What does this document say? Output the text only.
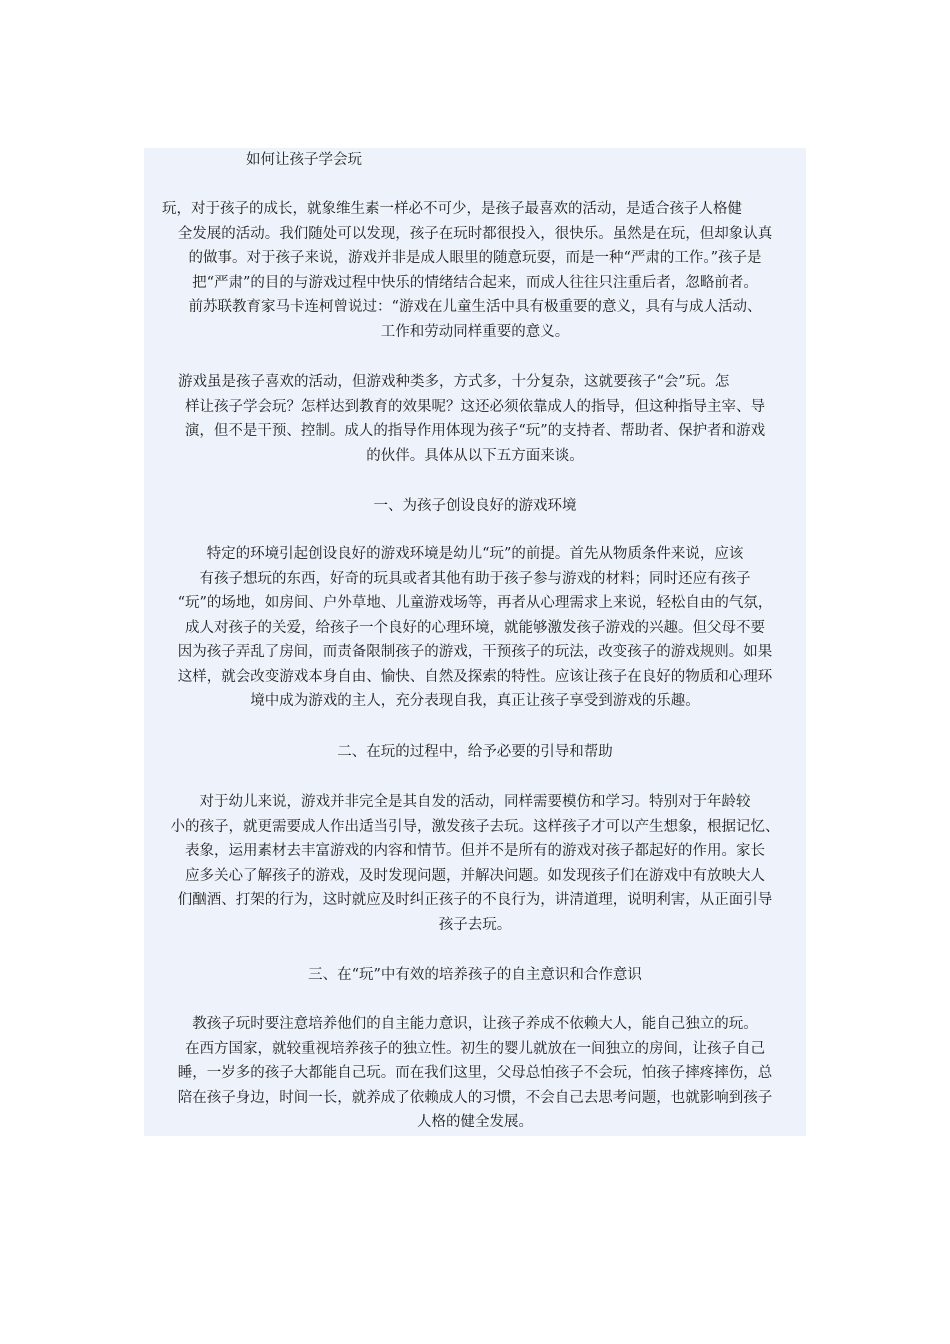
如何让孩子学会玩
玩，对于孩子的成长，就象维生素一样必不可少，是孩子最喜欢的活动，是适合孩子人格健
全发展的活动。我们随处可以发现，孩子在玩时都很投入，很快乐。虽然是在玩，但却象认真
的做事。对于孩子来说，游戏并非是成人眼里的随意玩耍，而是一种“严肃的工作。”孩子是
把“严肃”的目的与游戏过程中快乐的情绪结合起来，而成人往往只注重后者，忽略前者。
前苏联教育家马卡连柯曾说过：“游戏在儿童生活中具有极重要的意义，具有与成人活动、
工作和劳动同样重要的意义。
游戏虽是孩子喜欢的活动，但游戏种类多，方式多，十分复杂，这就要孩子“会”玩。怎
样让孩子学会玩？怎样达到教育的效果呢？这还必须依靠成人的指导，但这种指导主宰、导
演，但不是干预、控制。成人的指导作用体现为孩子“玩”的支持者、帮助者、保护者和游戏
的伙伴。具体从以下五方面来谈。
一、为孩子创设良好的游戏环境
特定的环境引起创设良好的游戏环境是幼儿“玩”的前提。首先从物质条件来说，应该
有孩子想玩的东西，好奇的玩具或者其他有助于孩子参与游戏的材料；同时还应有孩子
“玩”的场地，如房间、户外草地、儿童游戏场等，再者从心理需求上来说，轻松自由的气氛，
成人对孩子的关爱，给孩子一个良好的心理环境，就能够激发孩子游戏的兴趣。但父母不要
因为孩子弄乱了房间，而责备限制孩子的游戏，干预孩子的玩法，改变孩子的游戏规则。如果
这样，就会改变游戏本身自由、愉快、自然及探索的特性。应该让孩子在良好的物质和心理环
境中成为游戏的主人，充分表现自我，真正让孩子享受到游戏的乐趣。
二、在玩的过程中，给予必要的引导和帮助
对于幼儿来说，游戏并非完全是其自发的活动，同样需要模仿和学习。特别对于年龄较
小的孩子，就更需要成人作出适当引导，激发孩子去玩。这样孩子才可以产生想象，根据记忆、
表象，运用素材去丰富游戏的内容和情节。但并不是所有的游戏对孩子都起好的作用。家长
应多关心了解孩子的游戏，及时发现问题，并解决问题。如发现孩子们在游戏中有放映大人
们酗酒、打架的行为，这时就应及时纠正孩子的不良行为，讲清道理，说明利害，从正面引导
孩子去玩。
三、在“玩”中有效的培养孩子的自主意识和合作意识
教孩子玩时要注意培养他们的自主能力意识，让孩子养成不依赖大人，能自己独立的玩。
在西方国家，就较重视培养孩子的独立性。初生的婴儿就放在一间独立的房间，让孩子自己
睡，一岁多的孩子大都能自己玩。而在我们这里，父母总怕孩子不会玩，怕孩子摔疼摔伤，总
陪在孩子身边，时间一长，就养成了依赖成人的习惯，不会自己去思考问题，也就影响到孩子
人格的健全发展。
